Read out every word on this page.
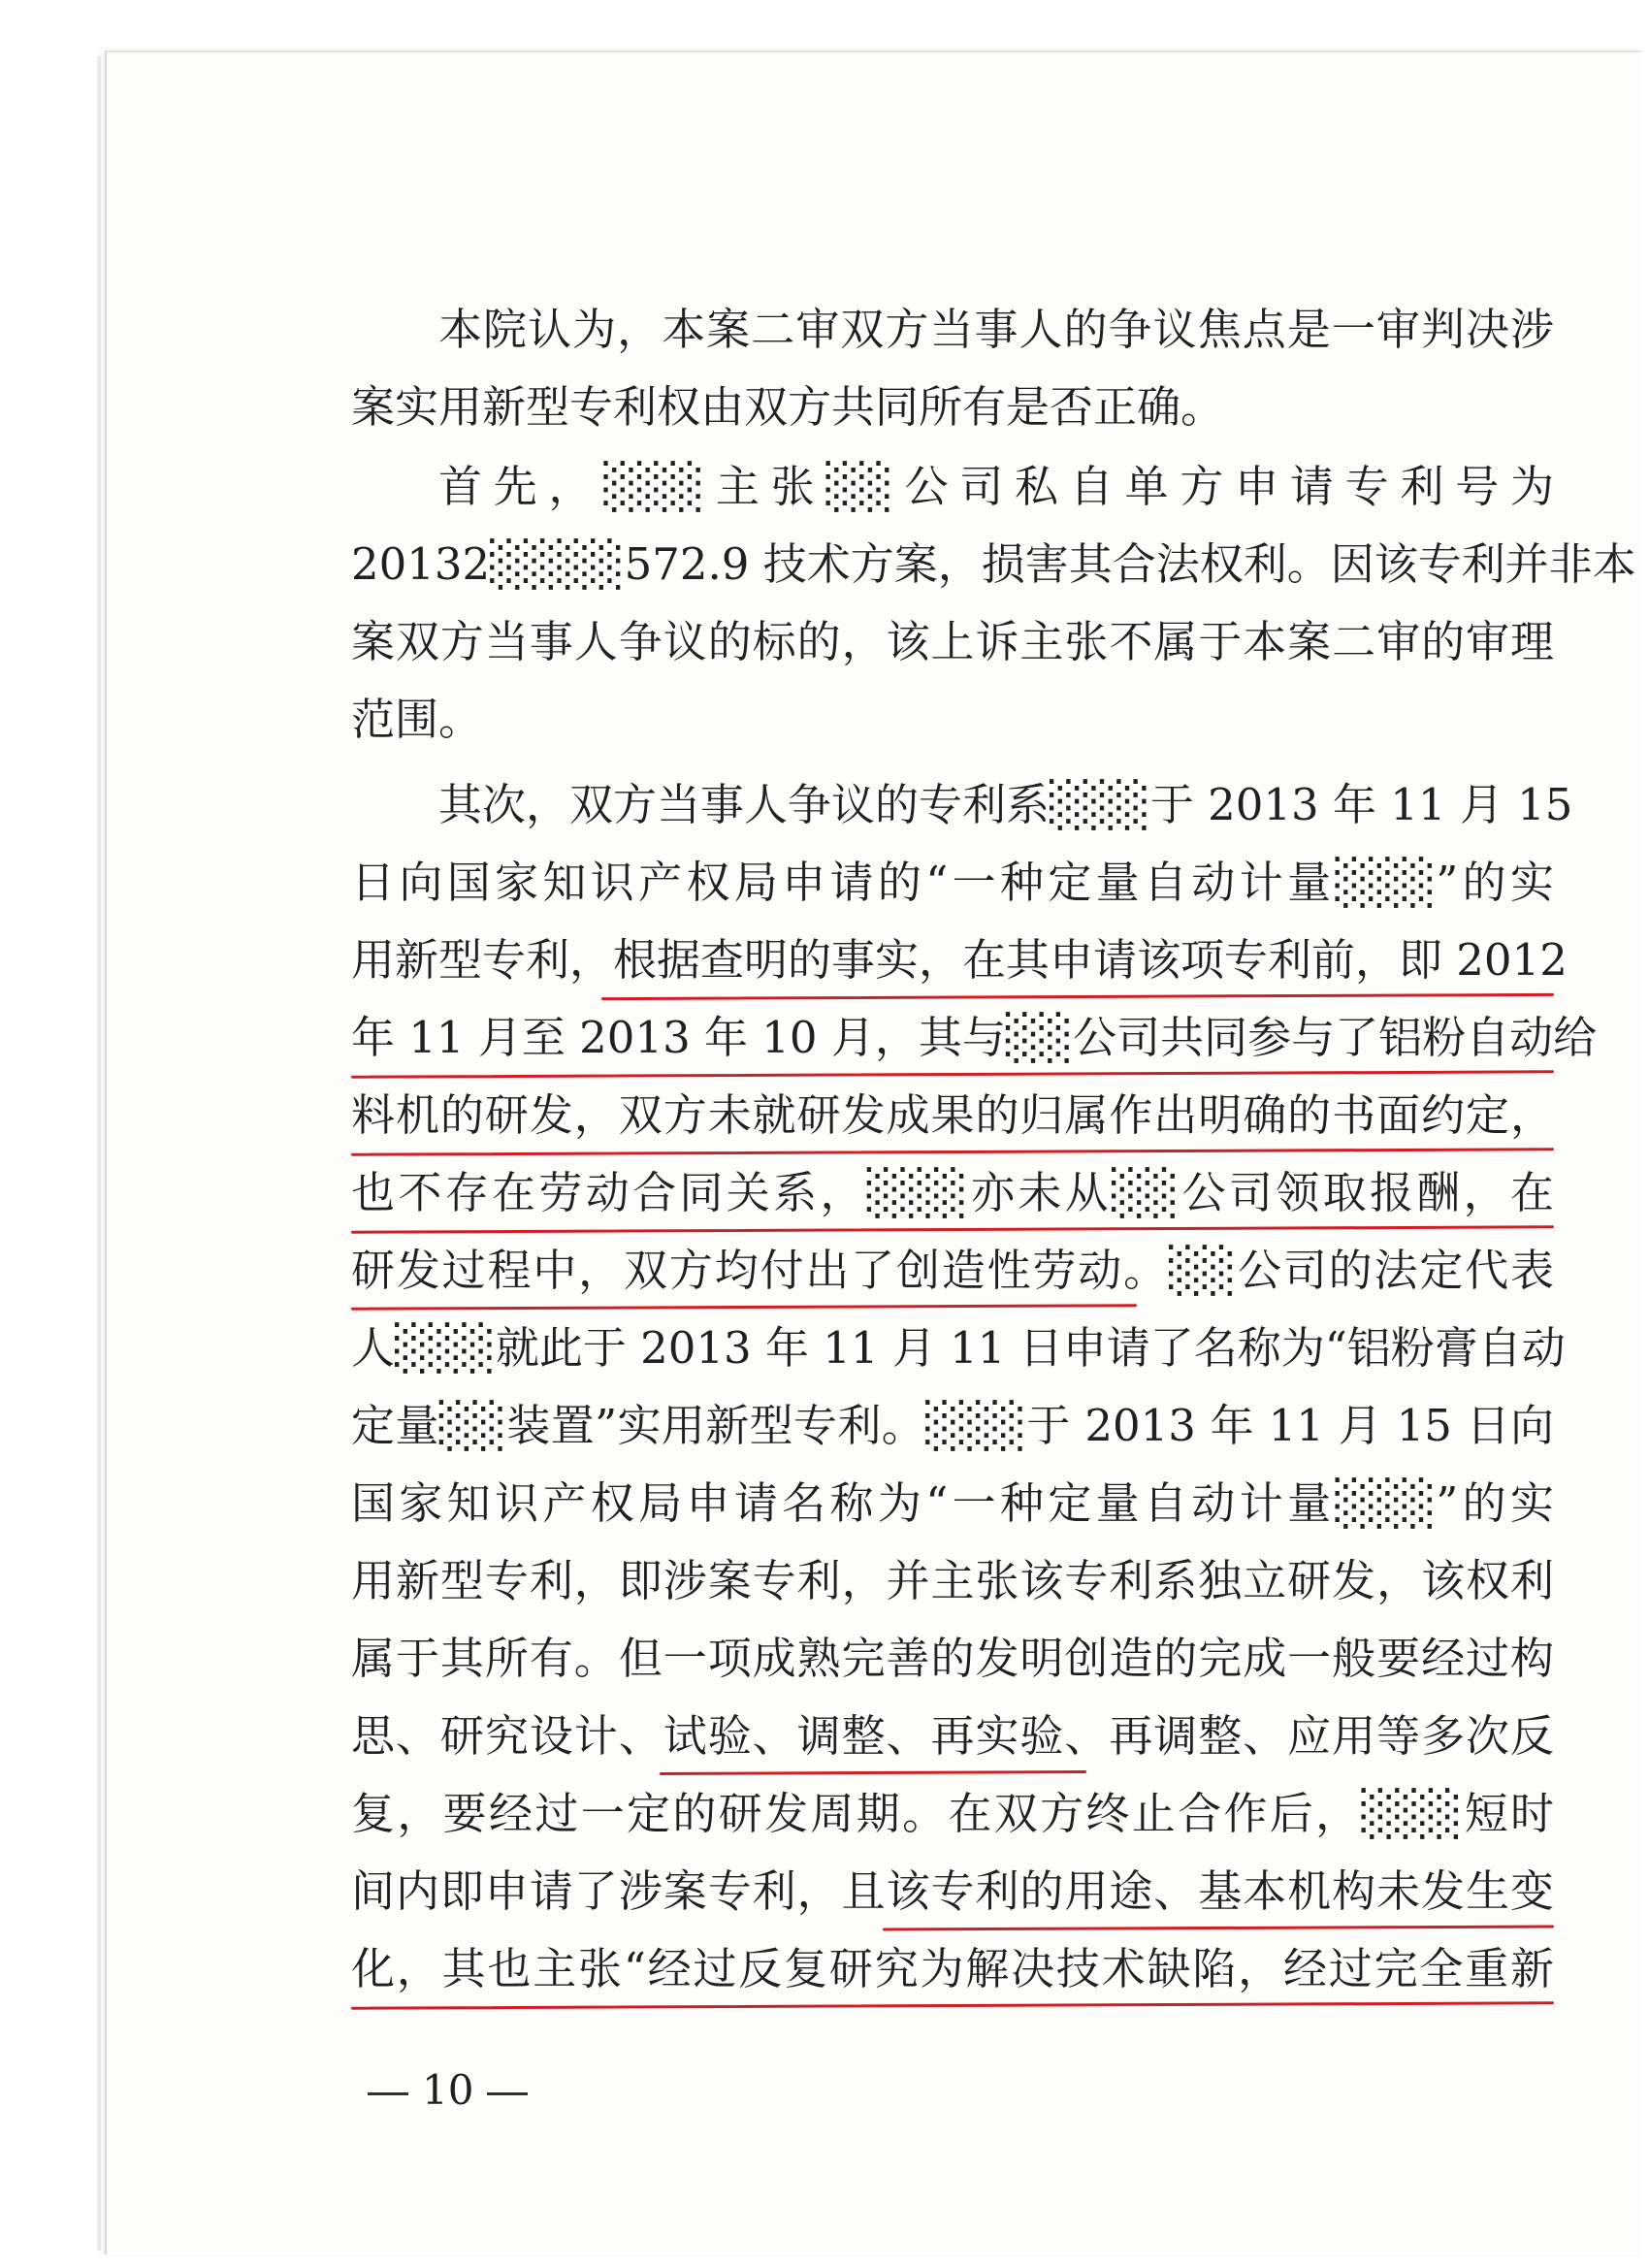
本院认为，本案二审双方当事人的争议焦点是一审判决涉
案实用新型专利权由双方共同所有是否正确。
首先，░░░主张░░公司私自单方申请专利号为
20132░░░░572.9 技术方案，损害其合法权利。因该专利并非本
案双方当事人争议的标的，该上诉主张不属于本案二审的审理
范围。
其次，双方当事人争议的专利系░░░于 2013 年 11 月 15
日向国家知识产权局申请的“一种定量自动计量░░░”的实
用新型专利，根据查明的事实，在其申请该项专利前，即 2012
年 11 月至 2013 年 10 月，其与░░公司共同参与了铝粉自动给
料机的研发，双方未就研发成果的归属作出明确的书面约定，
也不存在劳动合同关系，░░░亦未从░░公司领取报酬，在
研发过程中，双方均付出了创造性劳动。░░公司的法定代表
人░░░就此于 2013 年 11 月 11 日申请了名称为“铝粉膏自动
定量░░装置”实用新型专利。░░░于 2013 年 11 月 15 日向
国家知识产权局申请名称为“一种定量自动计量░░░”的实
用新型专利，即涉案专利，并主张该专利系独立研发，该权利
属于其所有。但一项成熟完善的发明创造的完成一般要经过构
思、研究设计、试验、调整、再实验、再调整、应用等多次反
复，要经过一定的研发周期。在双方终止合作后，░░░短时
间内即申请了涉案专利，且该专利的用途、基本机构未发生变
化，其也主张“经过反复研究为解决技术缺陷，经过完全重新
10
